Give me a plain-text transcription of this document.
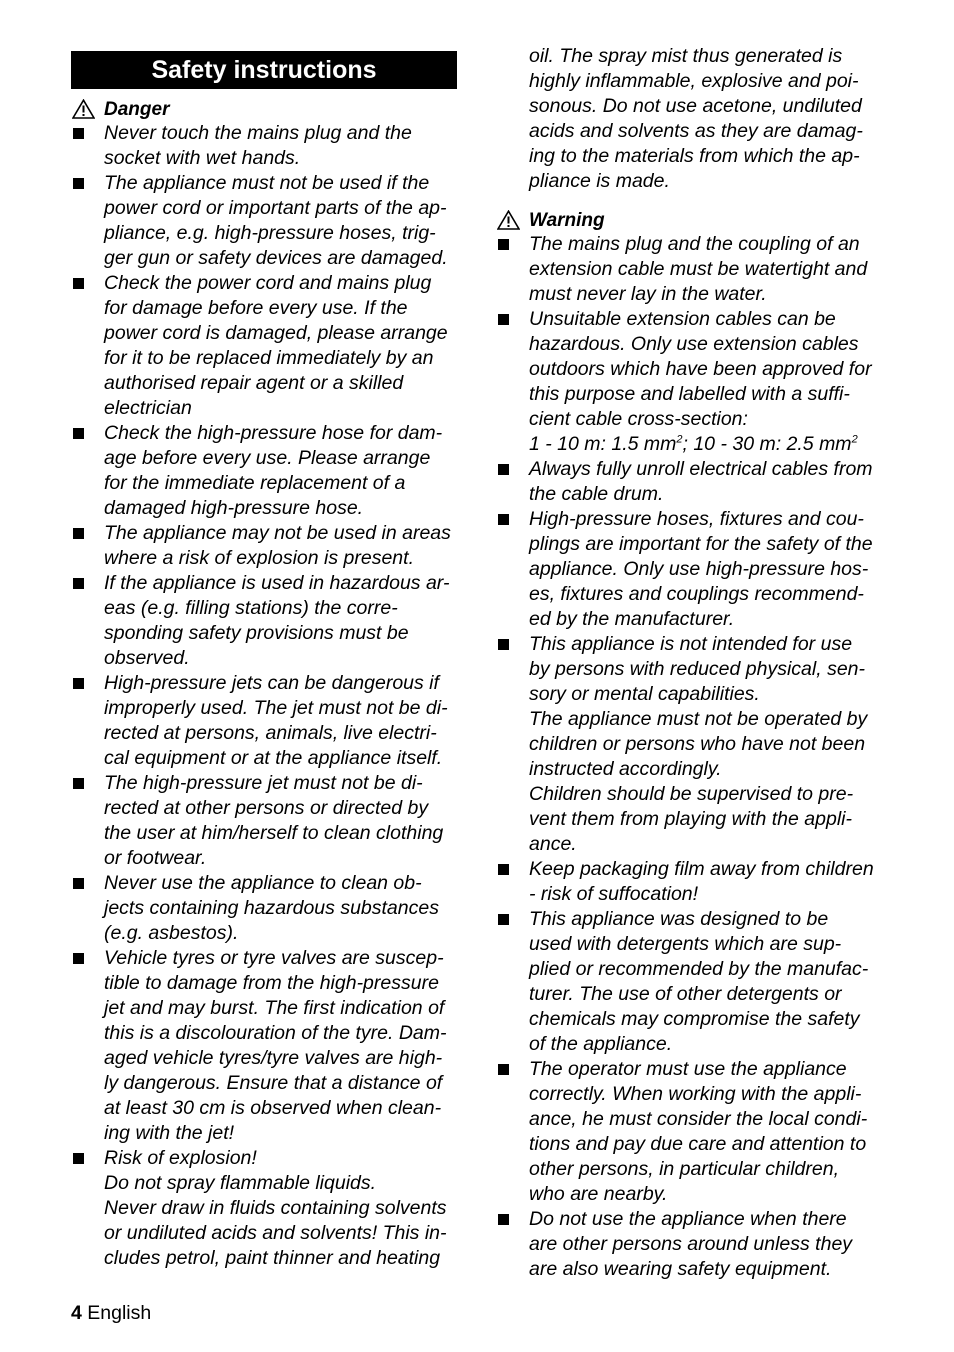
Safety instructions
Danger
Never touch the mains plug and the
socket with wet hands.
The appliance must not be used if the
power cord or important parts of the ap-
pliance, e.g. high-pressure hoses, trig-
ger gun or safety devices are damaged.
Check the power cord and mains plug
for damage before every use. If the
power cord is damaged, please arrange
for it to be replaced immediately by an
authorised repair agent or a skilled
electrician
Check the high-pressure hose for dam-
age before every use. Please arrange
for the immediate replacement of a
damaged high-pressure hose.
The appliance may not be used in areas
where a risk of explosion is present.
If the appliance is used in hazardous ar-
eas (e.g. filling stations) the corre-
sponding safety provisions must be
observed.
High-pressure jets can be dangerous if
improperly used. The jet must not be di-
rected at persons, animals, live electri-
cal equipment or at the appliance itself.
The high-pressure jet must not be di-
rected at other persons or directed by
the user at him/herself to clean clothing
or footwear.
Never use the appliance to clean ob-
jects containing hazardous substances
(e.g. asbestos).
Vehicle tyres or tyre valves are suscep-
tible to damage from the high-pressure
jet and may burst. The first indication of
this is a discolouration of the tyre. Dam-
aged vehicle tyres/tyre valves are high-
ly dangerous. Ensure that a distance of
at least 30 cm is observed when clean-
ing with the jet!
Risk of explosion!
Do not spray flammable liquids.
Never draw in fluids containing solvents
or undiluted acids and solvents! This in-
cludes petrol, paint thinner and heating
oil. The spray mist thus generated is
highly inflammable, explosive and poi-
sonous. Do not use acetone, undiluted
acids and solvents as they are damag-
ing to the materials from which the ap-
pliance is made.
Warning
The mains plug and the coupling of an
extension cable must be watertight and
must never lay in the water.
Unsuitable extension cables can be
hazardous. Only use extension cables
outdoors which have been approved for
this purpose and labelled with a suffi-
cient cable cross-section:
1 - 10 m: 1.5 $mm^2$; 10 - 30 m: 2.5 $mm^2$
Always fully unroll electrical cables from
the cable drum.
High-pressure hoses, fixtures and cou-
plings are important for the safety of the
appliance. Only use high-pressure hos-
es, fixtures and couplings recommend-
ed by the manufacturer.
This appliance is not intended for use
by persons with reduced physical, sen-
sory or mental capabilities.
The appliance must not be operated by
children or persons who have not been
instructed accordingly.
Children should be supervised to pre-
vent them from playing with the appli-
ance.
Keep packaging film away from children
- risk of suffocation!
This appliance was designed to be
used with detergents which are sup-
plied or recommended by the manufac-
turer. The use of other detergents or
chemicals may compromise the safety
of the appliance.
The operator must use the appliance
correctly. When working with the appli-
ance, he must consider the local condi-
tions and pay due care and attention to
other persons, in particular children,
who are nearby.
Do not use the appliance when there
are other persons around unless they
are also wearing safety equipment.
4 English
